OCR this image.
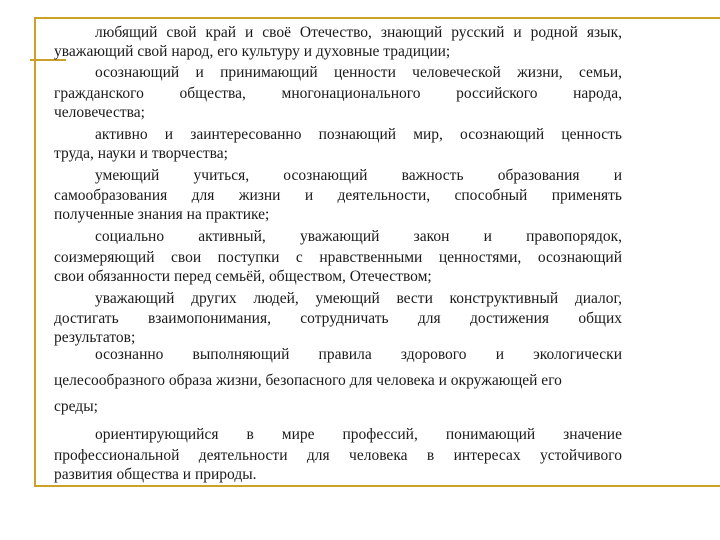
любящий свой край и своё Отечество, знающий русский и родной язык,
уважающий свой народ, его культуру и духовные традиции;
осознающий и принимающий ценности человеческой жизни, семьи,
гражданского общества, многонационального российского народа,
человечества;
активно и заинтересованно познающий мир, осознающий ценность
труда, науки и творчества;
умеющий учиться, осознающий важность образования и
самообразования для жизни и деятельности, способный применять
полученные знания на практике;
социально активный, уважающий закон и правопорядок,
соизмеряющий свои поступки с нравственными ценностями, осознающий
свои обязанности перед семьёй, обществом, Отечеством;
уважающий других людей, умеющий вести конструктивный диалог,
достигать взаимопонимания, сотрудничать для достижения общих
результатов;
осознанно выполняющий правила здорового и экологически
целесообразного образа жизни, безопасного для человека и окружающей его
среды;
ориентирующийся в мире профессий, понимающий значение
профессиональной деятельности для человека в интересах устойчивого
развития общества и природы.
